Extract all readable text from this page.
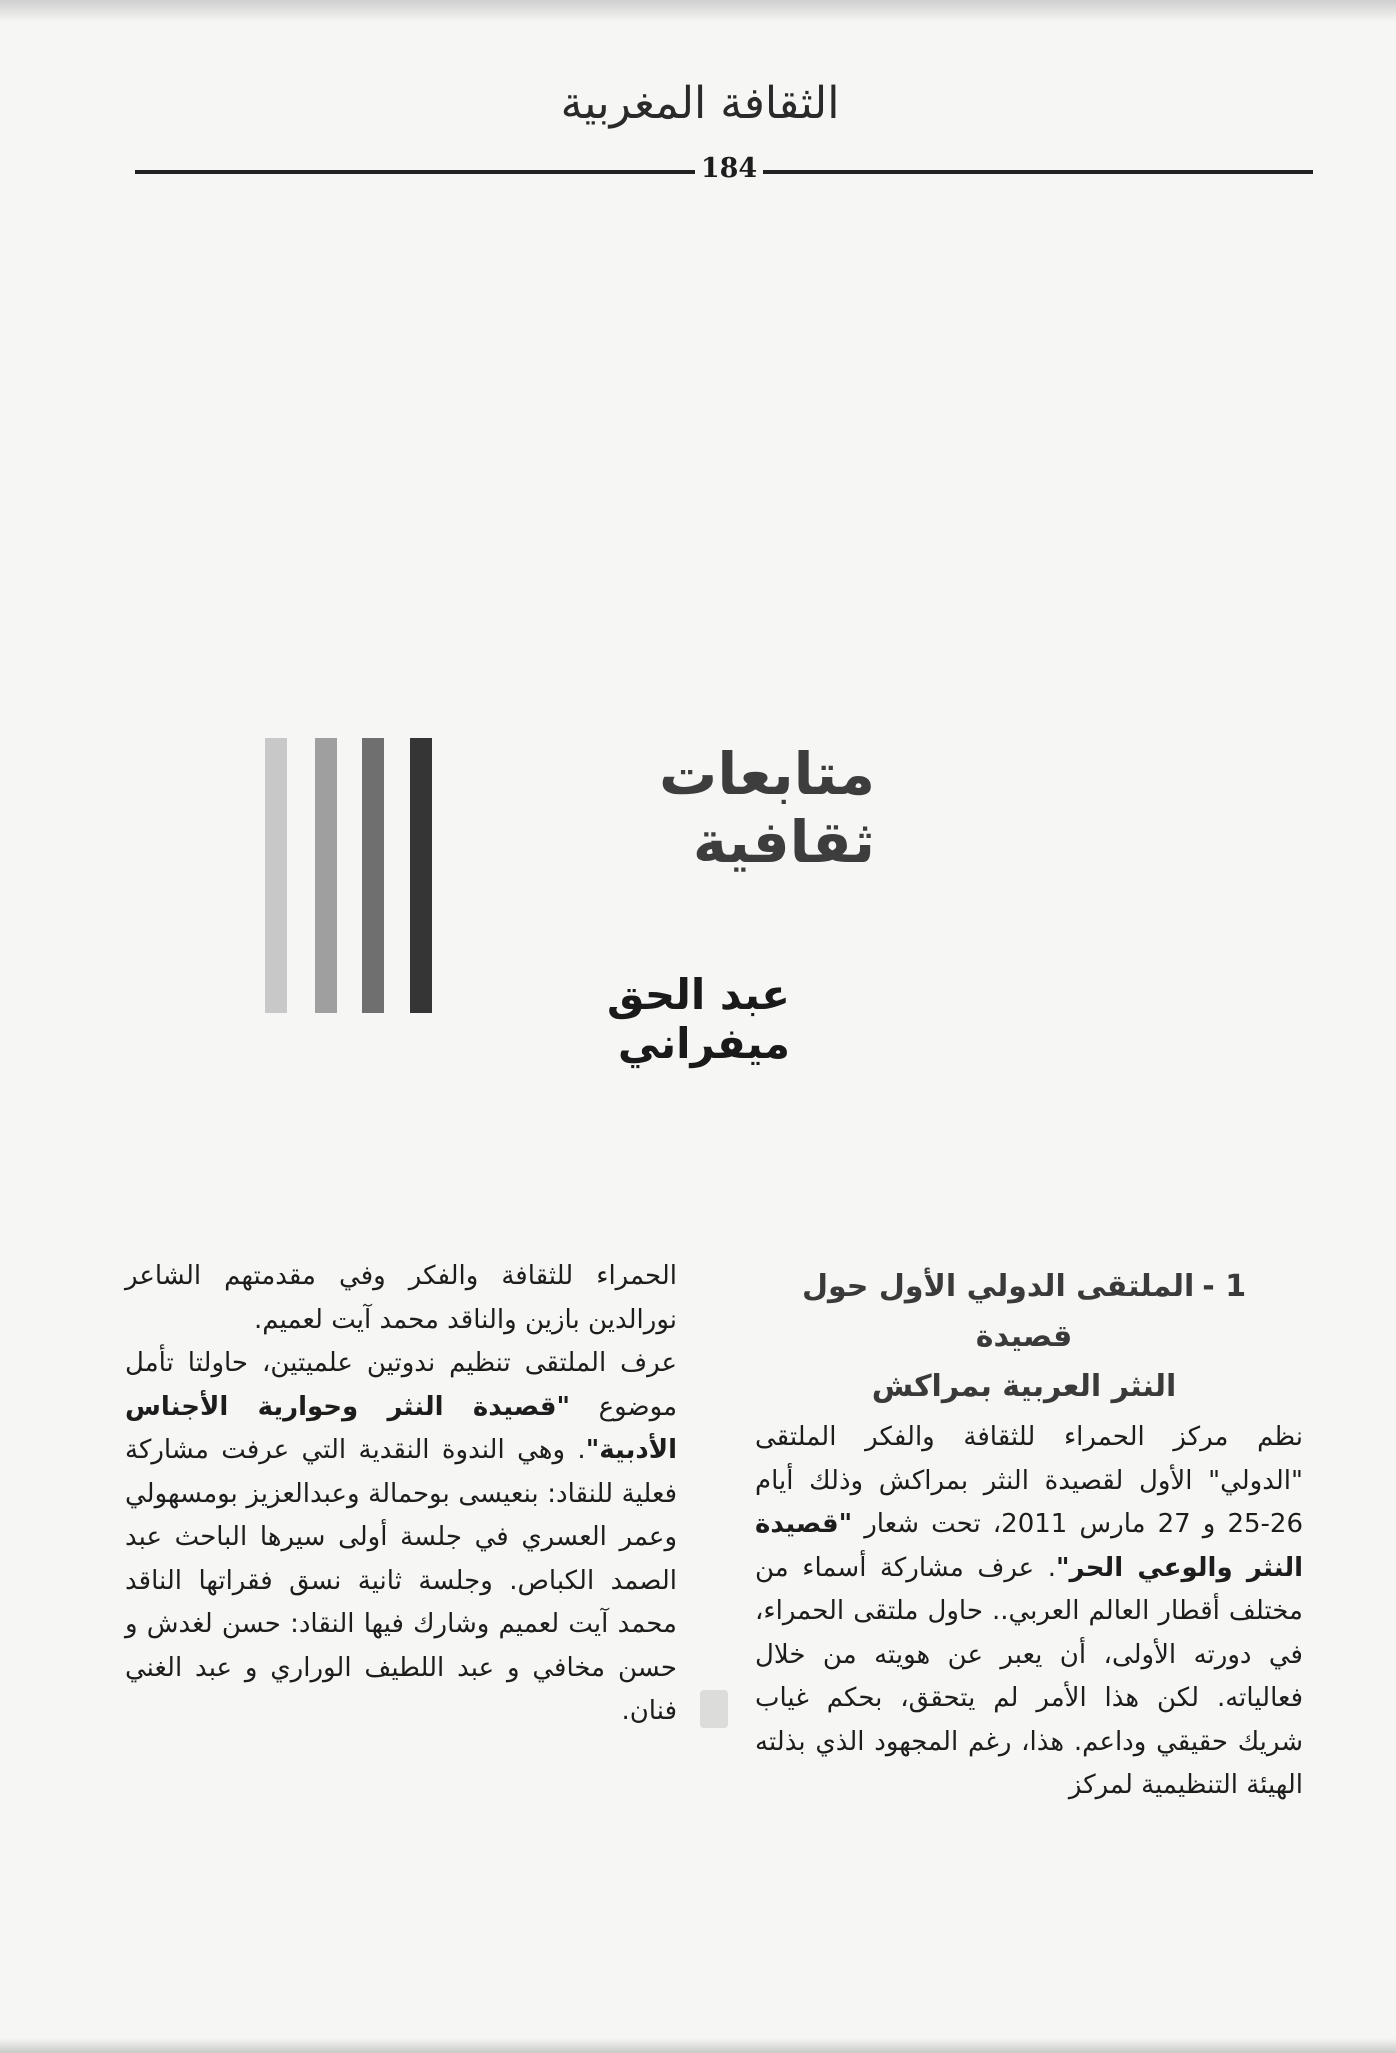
الثقافة المغربية
184
متابعات ثقافية
عبد الحق ميفراني
1 -الملتقى الدولي الأول حول قصيدة
النثر العربية بمراكش
نظم مركز الحمراء للثقافة والفكر الملتقى "الدولي" الأول لقصيدة النثر بمراكش وذلك أيام 26-25 و 27 مارس 2011، تحت شعار "قصيدة النثر والوعي الحر". عرف مشاركة أسماء من مختلف أقطار العالم العربي.. حاول ملتقى الحمراء، في دورته الأولى، أن يعبر عن هويته من خلال فعالياته. لكن هذا الأمر لم يتحقق، بحكم غياب شريك حقيقي وداعم. هذا، رغم المجهود الذي بذلته الهيئة التنظيمية لمركز
الحمراء للثقافة والفكر وفي مقدمتهم الشاعر نورالدين بازين والناقد محمد آيت لعميم.
عرف الملتقى تنظيم ندوتين علميتين، حاولتا تأمل موضوع "قصيدة النثر وحوارية الأجناس الأدبية". وهي الندوة النقدية التي عرفت مشاركة فعلية للنقاد: بنعيسى بوحمالة وعبدالعزيز بومسهولي وعمر العسري في جلسة أولى سيرها الباحث عبد الصمد الكباص. وجلسة ثانية نسق فقراتها الناقد محمد آيت لعميم وشارك فيها النقاد: حسن لغدش و حسن مخافي و عبد اللطيف الوراري و عبد الغني فنان.
